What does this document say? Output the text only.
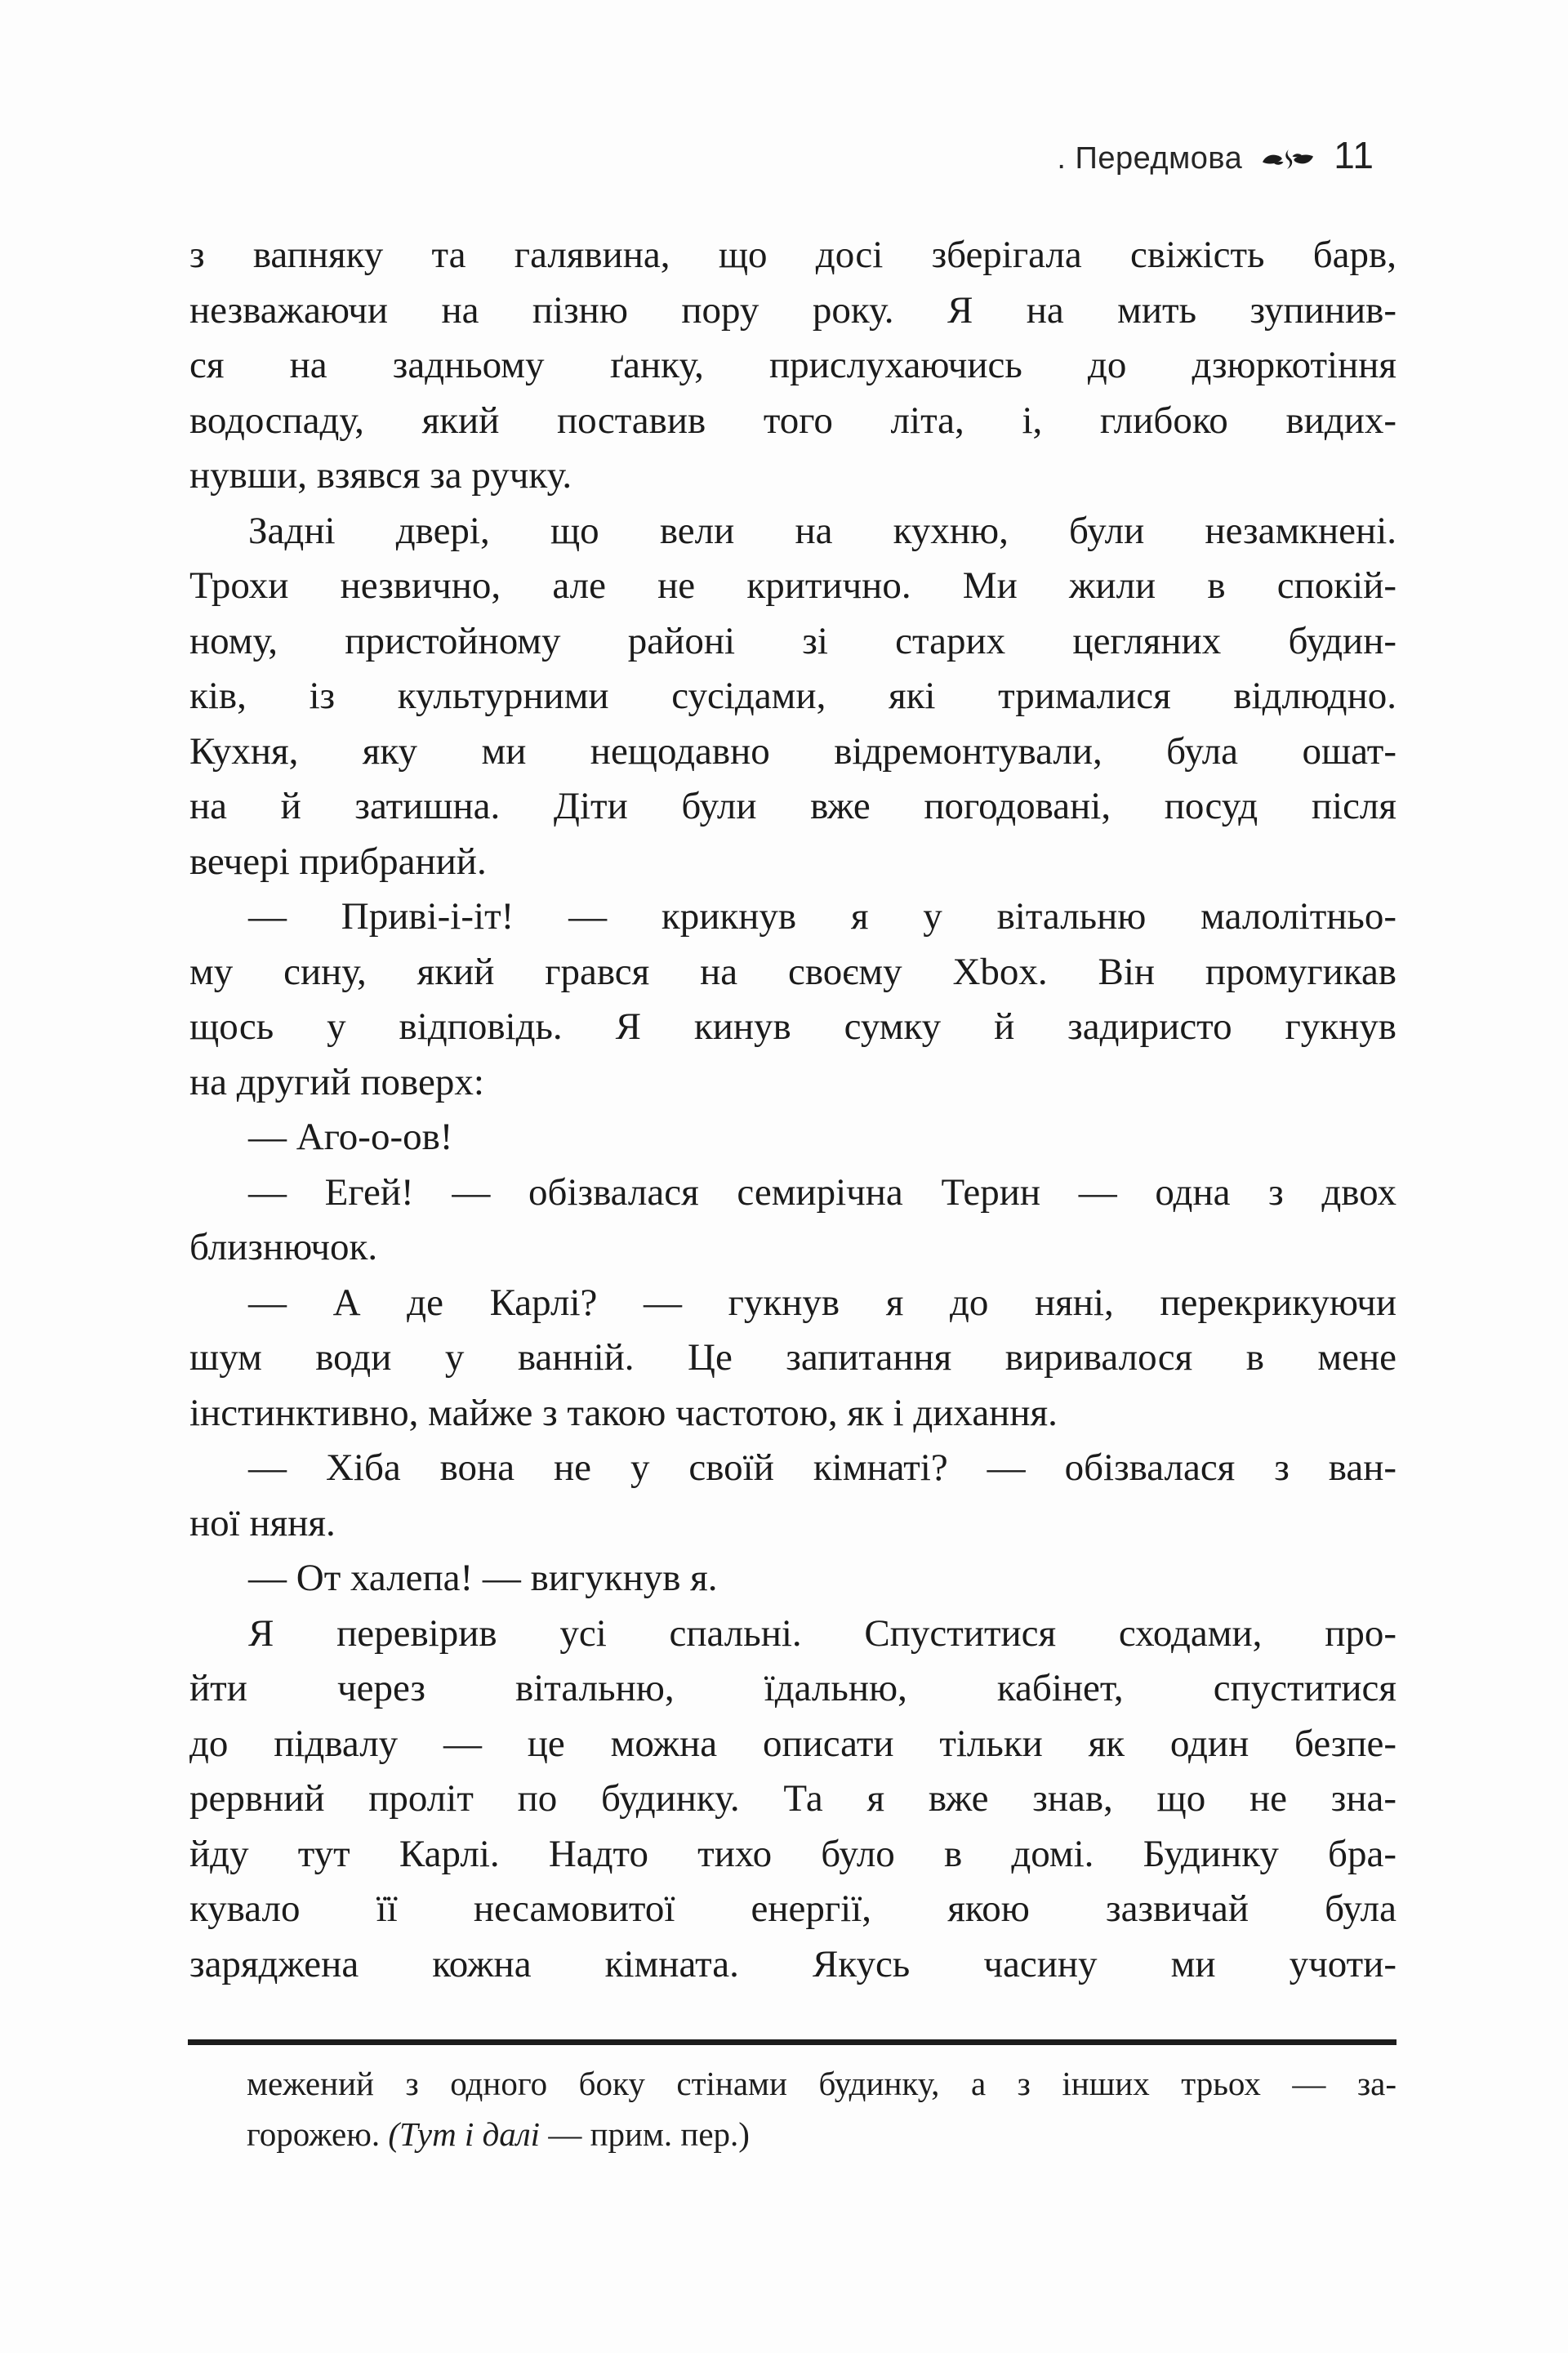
. Передмова 11
з вапняку та галявина, що досі зберігала свіжість барв,
незважаючи на пізню пору року. Я на мить зупинив-
ся на задньому ґанку, прислухаючись до дзюркотіння
водоспаду, який поставив того літа, і, глибоко видих-
нувши, взявся за ручку.
Задні двері, що вели на кухню, були незамкнені.
Трохи незвично, але не критично. Ми жили в спокій-
ному, пристойному районі зі старих цегляних будин-
ків, із культурними сусідами, які трималися відлюдно.
Кухня, яку ми нещодавно відремонтували, була ошат-
на й затишна. Діти були вже погодовані, посуд після
вечері прибраний.
— Приві-і-іт! — крикнув я у вітальню малолітньо-
му сину, який грався на своєму Xbox. Він промугикав
щось у відповідь. Я кинув сумку й задиристо гукнув
на другий поверх:
— Аго-о-ов!
— Егей! — обізвалася семирічна Терин — одна з двох
близнючок.
— А де Карлі? — гукнув я до няні, перекрикуючи
шум води у ванній. Це запитання виривалося в мене
інстинктивно, майже з такою частотою, як і дихання.
— Хіба вона не у своїй кімнаті? — обізвалася з ван-
ної няня.
— От халепа! — вигукнув я.
Я перевірив усі спальні. Спуститися сходами, про-
йти через вітальню, їдальню, кабінет, спуститися
до підвалу — це можна описати тільки як один безпе-
рервний проліт по будинку. Та я вже знав, що не зна-
йду тут Карлі. Надто тихо було в домі. Будинку бра-
кувало її несамовитої енергії, якою зазвичай була
заряджена кожна кімната. Якусь часину ми учоти-
межений з одного боку стінами будинку, а з інших трьох — за-
горожею. (Тут і далі — прим. пер.)
